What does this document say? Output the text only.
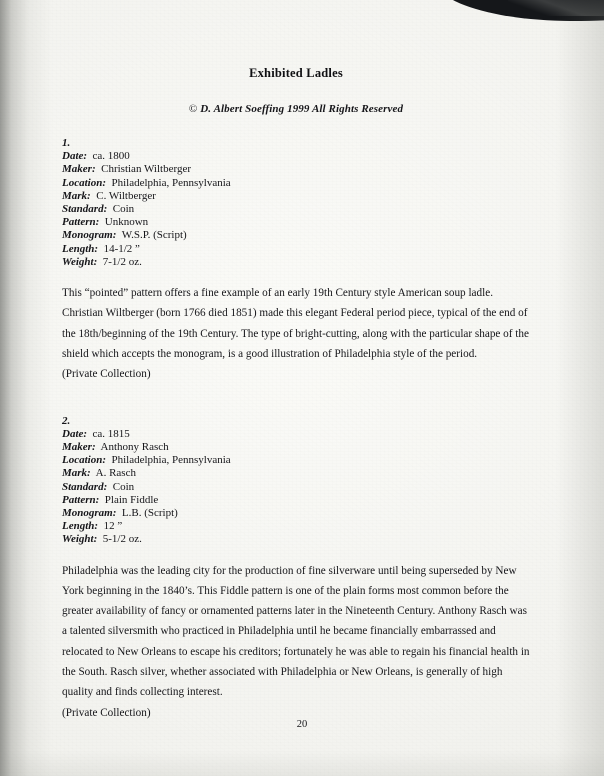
Exhibited Ladles
© D. Albert Soeffing 1999 All Rights Reserved
1.
Date: ca. 1800
Maker: Christian Wiltberger
Location: Philadelphia, Pennsylvania
Mark: C. Wiltberger
Standard: Coin
Pattern: Unknown
Monogram: W.S.P. (Script)
Length: 14-1/2 ”
Weight: 7-1/2 oz.

This “pointed” pattern offers a fine example of an early 19th Century style American soup ladle. Christian Wiltberger (born 1766 died 1851) made this elegant Federal period piece, typical of the end of the 18th/beginning of the 19th Century. The type of bright-cutting, along with the particular shape of the shield which accepts the monogram, is a good illustration of Philadelphia style of the period.

(Private Collection)

2.
Date: ca. 1815
Maker: Anthony Rasch
Location: Philadelphia, Pennsylvania
Mark: A. Rasch
Standard: Coin
Pattern: Plain Fiddle
Monogram: L.B. (Script)
Length: 12 ”
Weight: 5-1/2 oz.

Philadelphia was the leading city for the production of fine silverware until being superseded by New York beginning in the 1840’s. This Fiddle pattern is one of the plain forms most common before the greater availability of fancy or ornamented patterns later in the Nineteenth Century. Anthony Rasch was a talented silversmith who practiced in Philadelphia until he became financially embarrassed and relocated to New Orleans to escape his creditors; fortunately he was able to regain his financial health in the South. Rasch silver, whether associated with Philadelphia or New Orleans, is generally of high quality and finds collecting interest.

(Private Collection)

20
